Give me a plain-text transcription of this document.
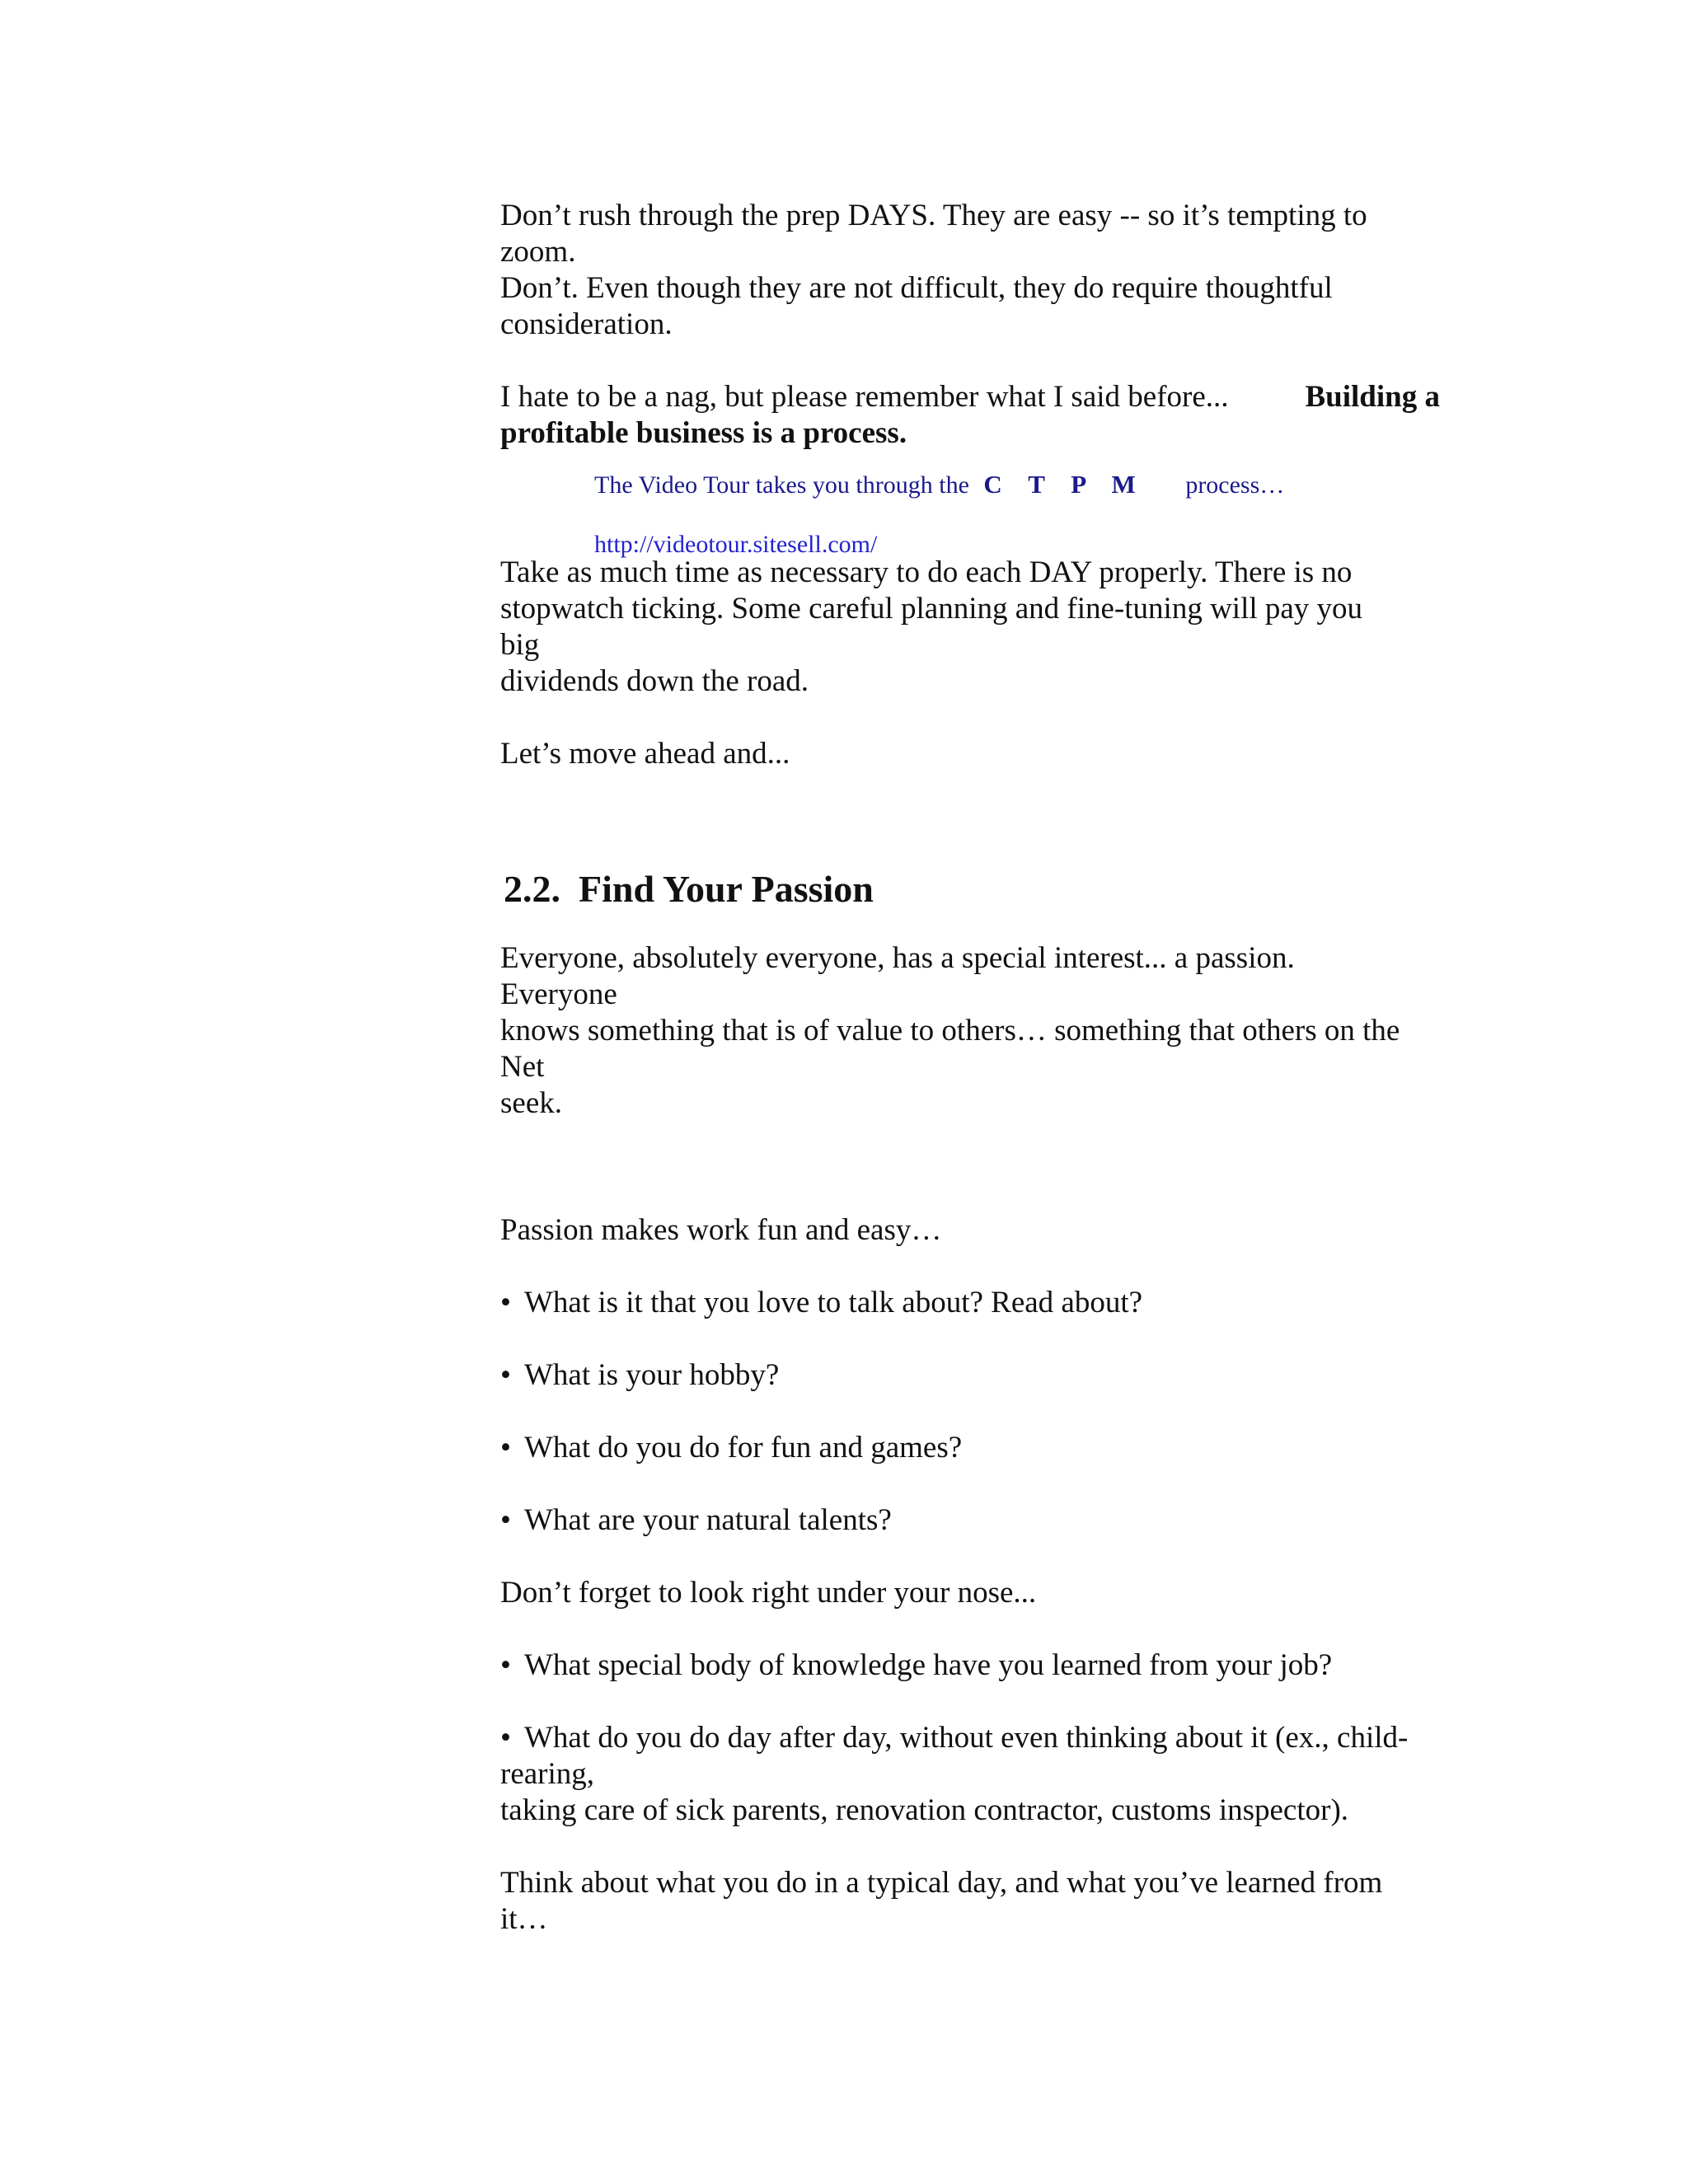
Don’t rush through the prep DAYS. They are easy -- so it’s tempting to

zoom.

Don’t. Even though they are not difficult, they do require thoughtful

consideration.

I hate to be a nag, but please remember what I said before...	Building a

profitable business is a process.

The Video Tour takes you through the C T P M process…
http://videotour.sitesell.com/

Take as much time as necessary to do each DAY properly. There is no

stopwatch ticking. Some careful planning and fine-tuning will pay you

big

dividends down the road.

Let’s move ahead and...

2.2. Find Your Passion

Everyone, absolutely everyone, has a special interest... a passion.

Everyone

knows something that is of value to others… something that others on the

Net

seek.

Passion makes work fun and easy…

• What is it that you love to talk about? Read about?

• What is your hobby?

• What do you do for fun and games?

• What are your natural talents?

Don’t forget to look right under your nose...

• What special body of knowledge have you learned from your job?

• What do you do day after day, without even thinking about it (ex., child-

rearing,

taking care of sick parents, renovation contractor, customs inspector).

Think about what you do in a typical day, and what you’ve learned from

it…
